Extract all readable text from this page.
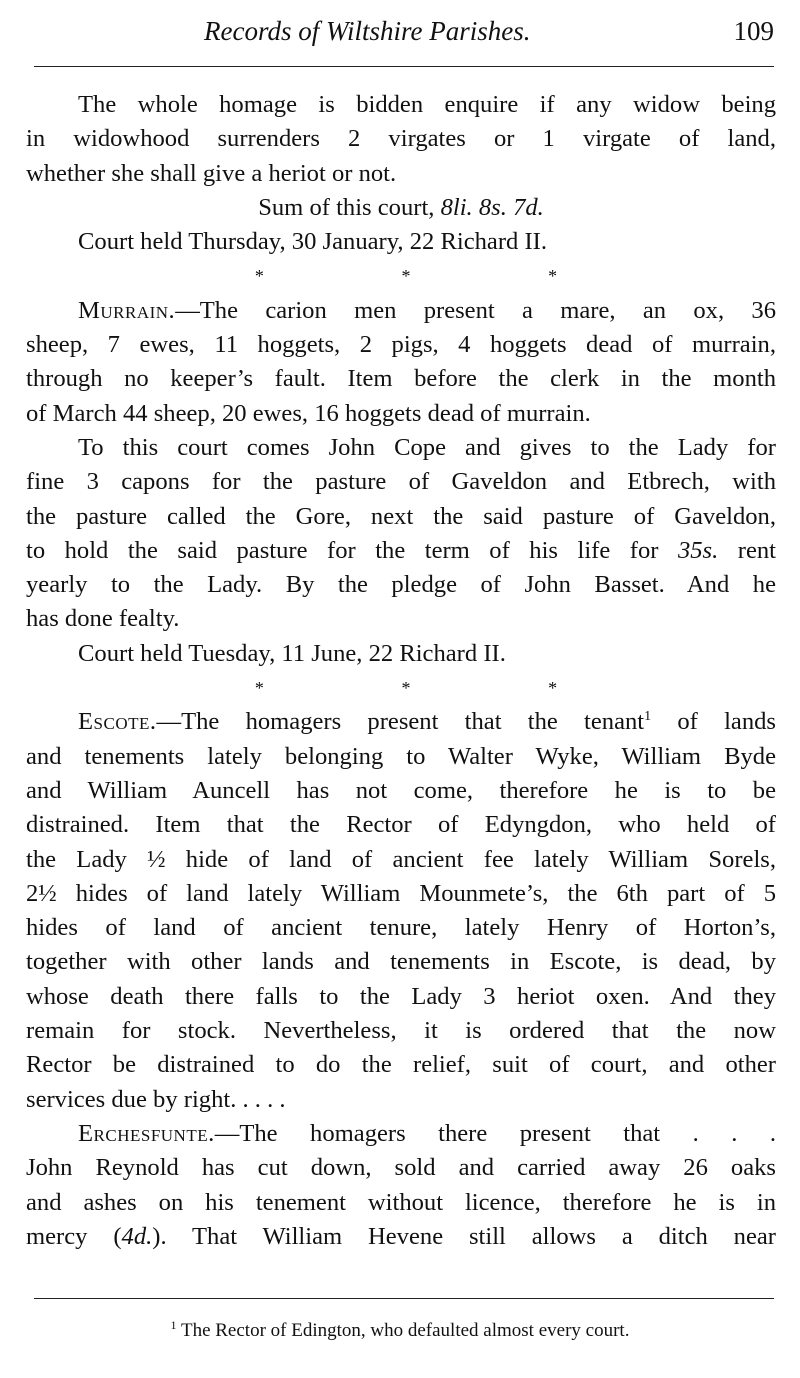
Records of Wiltshire Parishes.	109
The whole homage is bidden enquire if any widow being
in widowhood surrenders 2 virgates or 1 virgate of land,
whether she shall give a heriot or not.
Sum of this court, 8li. 8s. 7d.
Court held Thursday, 30 January, 22 Richard II.
*	*	*
Murrain.—The carion men present a mare, an ox, 36
sheep, 7 ewes, 11 hoggets, 2 pigs, 4 hoggets dead of murrain,
through no keeper’s fault. Item before the clerk in the month
of March 44 sheep, 20 ewes, 16 hoggets dead of murrain.
To this court comes John Cope and gives to the Lady for
fine 3 capons for the pasture of Gaveldon and Etbrech, with
the pasture called the Gore, next the said pasture of Gaveldon,
to hold the said pasture for the term of his life for 35s. rent
yearly to the Lady. By the pledge of John Basset. And he
has done fealty.
Court held Tuesday, 11 June, 22 Richard II.
*	*	*
Escote.—The homagers present that the tenant$^1$ of lands
and tenements lately belonging to Walter Wyke, William Byde
and William Auncell has not come, therefore he is to be
distrained. Item that the Rector of Edyngdon, who held of
the Lady ½ hide of land of ancient fee lately William Sorels,
2½ hides of land lately William Mounmete’s, the 6th part of 5
hides of land of ancient tenure, lately Henry of Horton’s,
together with other lands and tenements in Escote, is dead, by
whose death there falls to the Lady 3 heriot oxen. And they
remain for stock. Nevertheless, it is ordered that the now
Rector be distrained to do the relief, suit of court, and other
services due by right. . . . .
Erchesfunte.—The homagers there present that . . .
John Reynold has cut down, sold and carried away 26 oaks
and ashes on his tenement without licence, therefore he is in
mercy (4d.). That William Hevene still allows a ditch near
$^1$ The Rector of Edington, who defaulted almost every court.
